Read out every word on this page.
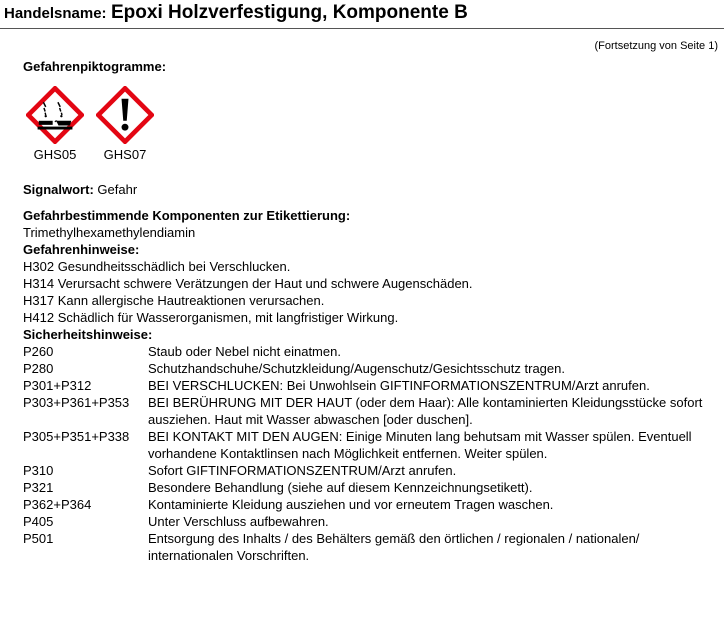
Handelsname: Epoxi Holzverfestigung, Komponente B
(Fortsetzung von Seite 1)
Gefahrenpiktogramme:
GHS05	GHS07
Signalwort: Gefahr
Gefahrbestimmende Komponenten zur Etikettierung:
Trimethylhexamethylendiamin
Gefahrenhinweise:
H302 Gesundheitsschädlich bei Verschlucken.
H314 Verursacht schwere Verätzungen der Haut und schwere Augenschäden.
H317 Kann allergische Hautreaktionen verursachen.
H412 Schädlich für Wasserorganismen, mit langfristiger Wirkung.
Sicherheitshinweise:
P260	Staub oder Nebel nicht einatmen.
P280	Schutzhandschuhe/Schutzkleidung/Augenschutz/Gesichtsschutz tragen.
P301+P312	BEI VERSCHLUCKEN: Bei Unwohlsein GIFTINFORMATIONSZENTRUM/Arzt anrufen.
P303+P361+P353	BEI BERÜHRUNG MIT DER HAUT (oder dem Haar): Alle kontaminierten Kleidungsstücke sofort ausziehen. Haut mit Wasser abwaschen [oder duschen].
P305+P351+P338	BEI KONTAKT MIT DEN AUGEN: Einige Minuten lang behutsam mit Wasser spülen. Eventuell vorhandene Kontaktlinsen nach Möglichkeit entfernen. Weiter spülen.
P310	Sofort GIFTINFORMATIONSZENTRUM/Arzt anrufen.
P321	Besondere Behandlung (siehe auf diesem Kennzeichnungsetikett).
P362+P364	Kontaminierte Kleidung ausziehen und vor erneutem Tragen waschen.
P405	Unter Verschluss aufbewahren.
P501	Entsorgung des Inhalts / des Behälters gemäß den örtlichen / regionalen / nationalen/ internationalen Vorschriften.
